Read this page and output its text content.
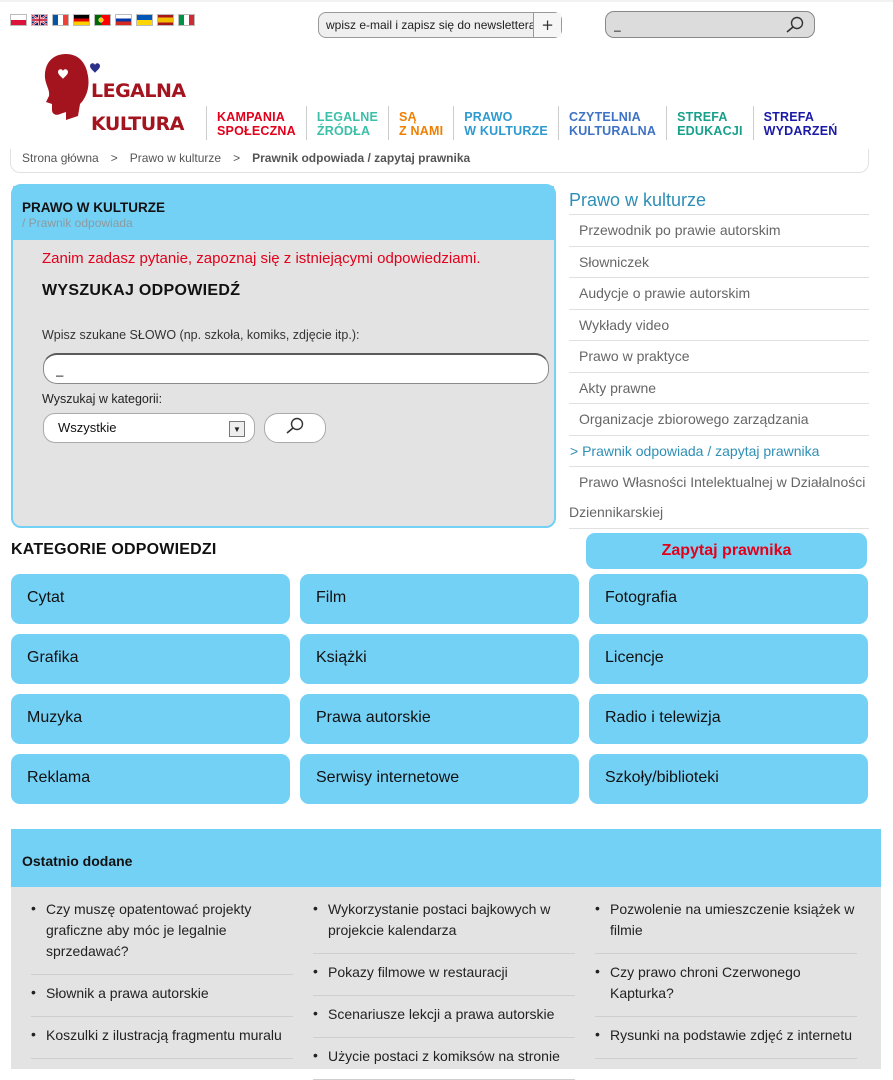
wpisz e-mail i zapisz się do newslettera
+
_
LEGALNA
KULTURA	KAMPANIA
SPOŁECZNA
LEGALNE
ŹRÓDŁA
SĄ
Z NAMI
PRAWO
W KULTURZE
CZYTELNIA
KULTURALNA
STREFA
EDUKACJI
STREFA
WYDARZEŃ
Strona główna > Prawo w kulturze > Prawnik odpowiada / zapytaj prawnika
PRAWO W KULTURZE
/ Prawnik odpowiada
Zanim zadasz pytanie, zapoznaj się z istniejącymi odpowiedziami.
WYSZUKAJ ODPOWIEDŹ
Wpisz szukane SŁOWO (np. szkoła, komiks, zdjęcie itp.):
_
Wyszukaj w kategorii:
Wszystkie	▼
Prawo w kulturze
Przewodnik po prawie autorskim
Słowniczek
Audycje o prawie autorskim
Wykłady video
Prawo w praktyce
Akty prawne
Organizacje zbiorowego zarządzania
> Prawnik odpowiada / zapytaj prawnika
Prawo Własności Intelektualnej w Działalności Dziennikarskiej
KATEGORIE ODPOWIEDZI	Zapytaj prawnika
Cytat	Film	Fotografia
Grafika	Książki	Licencje
Muzyka	Prawa autorskie	Radio i telewizja
Reklama	Serwisy internetowe	Szkoły/biblioteki
Ostatnio dodane
• Czy muszę opatentować projekty graficzne aby móc je legalnie sprzedawać?
• Słownik a prawa autorskie
• Koszulki z ilustracją fragmentu muralu
• Wykorzystanie postaci bajkowych w projekcie kalendarza
• Pokazy filmowe w restauracji
• Scenariusze lekcji a prawa autorskie
• Użycie postaci z komiksów na stronie
• Pozwolenie na umieszczenie książek w filmie
• Czy prawo chroni Czerwonego Kapturka?
• Rysunki na podstawie zdjęć z internetu
